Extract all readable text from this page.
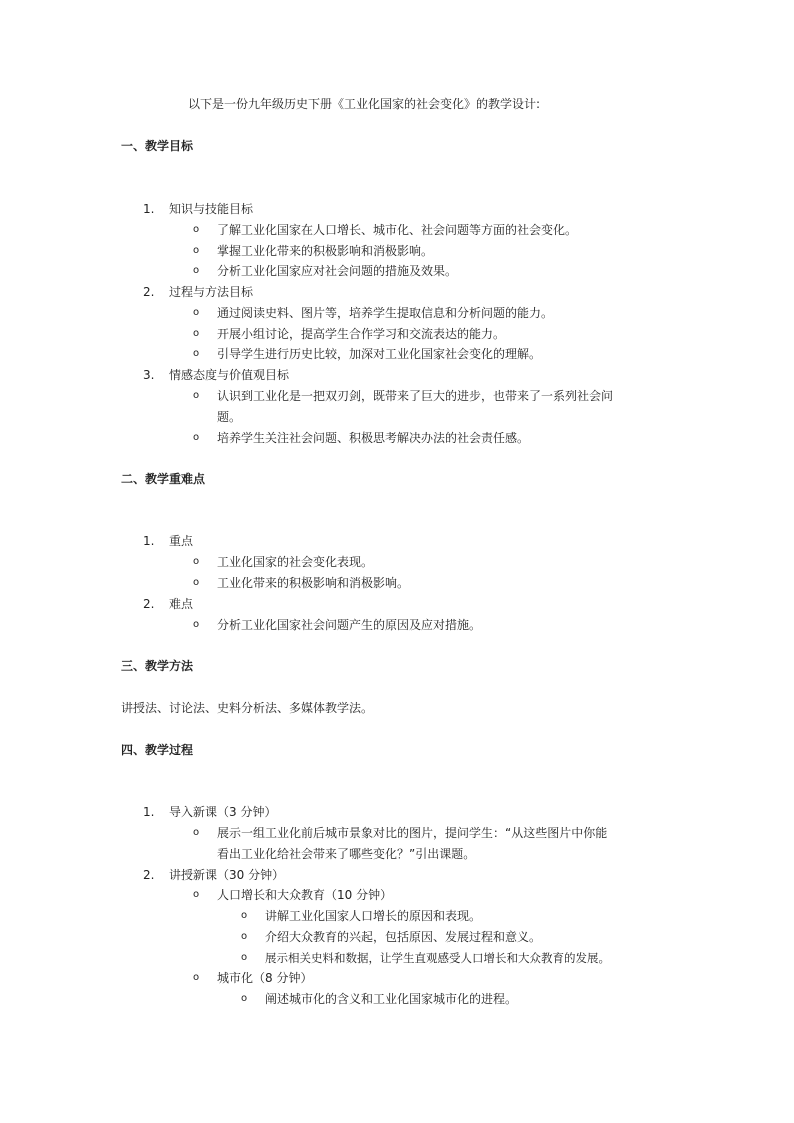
以下是一份九年级历史下册《工业化国家的社会变化》的教学设计:
一、教学目标
1. 知识与技能目标
o 了解工业化国家在人口增长、城市化、社会问题等方面的社会变化。
o 掌握工业化带来的积极影响和消极影响。
o 分析工业化国家应对社会问题的措施及效果。
2. 过程与方法目标
o 通过阅读史料、图片等，培养学生提取信息和分析问题的能力。
o 开展小组讨论，提高学生合作学习和交流表达的能力。
o 引导学生进行历史比较，加深对工业化国家社会变化的理解。
3. 情感态度与价值观目标
o 认识到工业化是一把双刃剑，既带来了巨大的进步，也带来了一系列社会问
题。
o 培养学生关注社会问题、积极思考解决办法的社会责任感。
二、教学重难点
1. 重点
o 工业化国家的社会变化表现。
o 工业化带来的积极影响和消极影响。
2. 难点
o 分析工业化国家社会问题产生的原因及应对措施。
三、教学方法
讲授法、讨论法、史料分析法、多媒体教学法。
四、教学过程
1. 导入新课（3 分钟）
o 展示一组工业化前后城市景象对比的图片，提问学生：“从这些图片中你能
看出工业化给社会带来了哪些变化？”引出课题。
2. 讲授新课（30 分钟）
o 人口增长和大众教育（10 分钟）
o 讲解工业化国家人口增长的原因和表现。
o 介绍大众教育的兴起，包括原因、发展过程和意义。
o 展示相关史料和数据，让学生直观感受人口增长和大众教育的发展。
o 城市化（8 分钟）
o 阐述城市化的含义和工业化国家城市化的进程。
